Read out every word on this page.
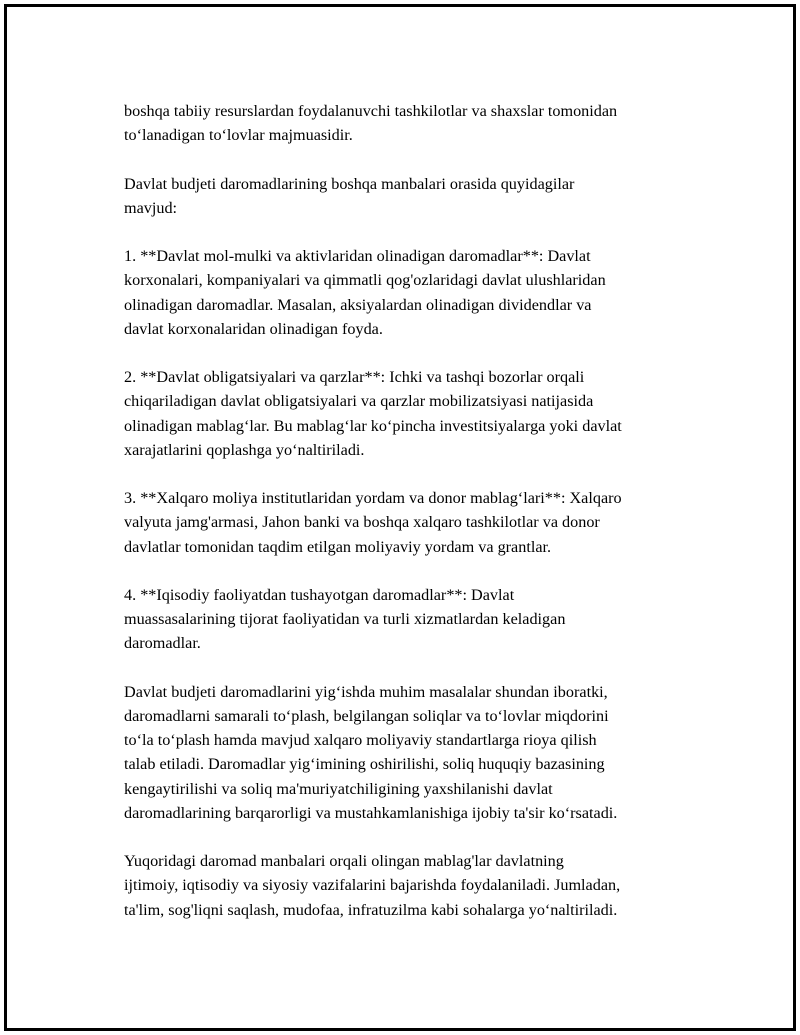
boshqa tabiiy resurslardan foydalanuvchi tashkilotlar va shaxslar tomonidan
to‘lanadigan to‘lovlar majmuasidir.

Davlat budjeti daromadlarining boshqa manbalari orasida quyidagilar
mavjud:

1. **Davlat mol-mulki va aktivlaridan olinadigan daromadlar**: Davlat
korxonalari, kompaniyalari va qimmatli qog'ozlaridagi davlat ulushlaridan
olinadigan daromadlar. Masalan, aksiyalardan olinadigan dividendlar va
davlat korxonalaridan olinadigan foyda.

2. **Davlat obligatsiyalari va qarzlar**: Ichki va tashqi bozorlar orqali
chiqariladigan davlat obligatsiyalari va qarzlar mobilizatsiyasi natijasida
olinadigan mablag‘lar. Bu mablag‘lar ko‘pincha investitsiyalarga yoki davlat
xarajatlarini qoplashga yo‘naltiriladi.

3. **Xalqaro moliya institutlaridan yordam va donor mablag‘lari**: Xalqaro
valyuta jamg'armasi, Jahon banki va boshqa xalqaro tashkilotlar va donor
davlatlar tomonidan taqdim etilgan moliyaviy yordam va grantlar.

4. **Iqisodiy faoliyatdan tushayotgan daromadlar**: Davlat
muassasalarining tijorat faoliyatidan va turli xizmatlardan keladigan
daromadlar.

Davlat budjeti daromadlarini yig‘ishda muhim masalalar shundan iboratki,
daromadlarni samarali to‘plash, belgilangan soliqlar va to‘lovlar miqdorini
to‘la to‘plash hamda mavjud xalqaro moliyaviy standartlarga rioya qilish
talab etiladi. Daromadlar yig‘imining oshirilishi, soliq huquqiy bazasining
kengaytirilishi va soliq ma'muriyatchiligining yaxshilanishi davlat
daromadlarining barqarorligi va mustahkamlanishiga ijobiy ta'sir ko‘rsatadi.

Yuqoridagi daromad manbalari orqali olingan mablag'lar davlatning
ijtimoiy, iqtisodiy va siyosiy vazifalarini bajarishda foydalaniladi. Jumladan,
ta'lim, sog'liqni saqlash, mudofaa, infratuzilma kabi sohalarga yo‘naltiriladi.
